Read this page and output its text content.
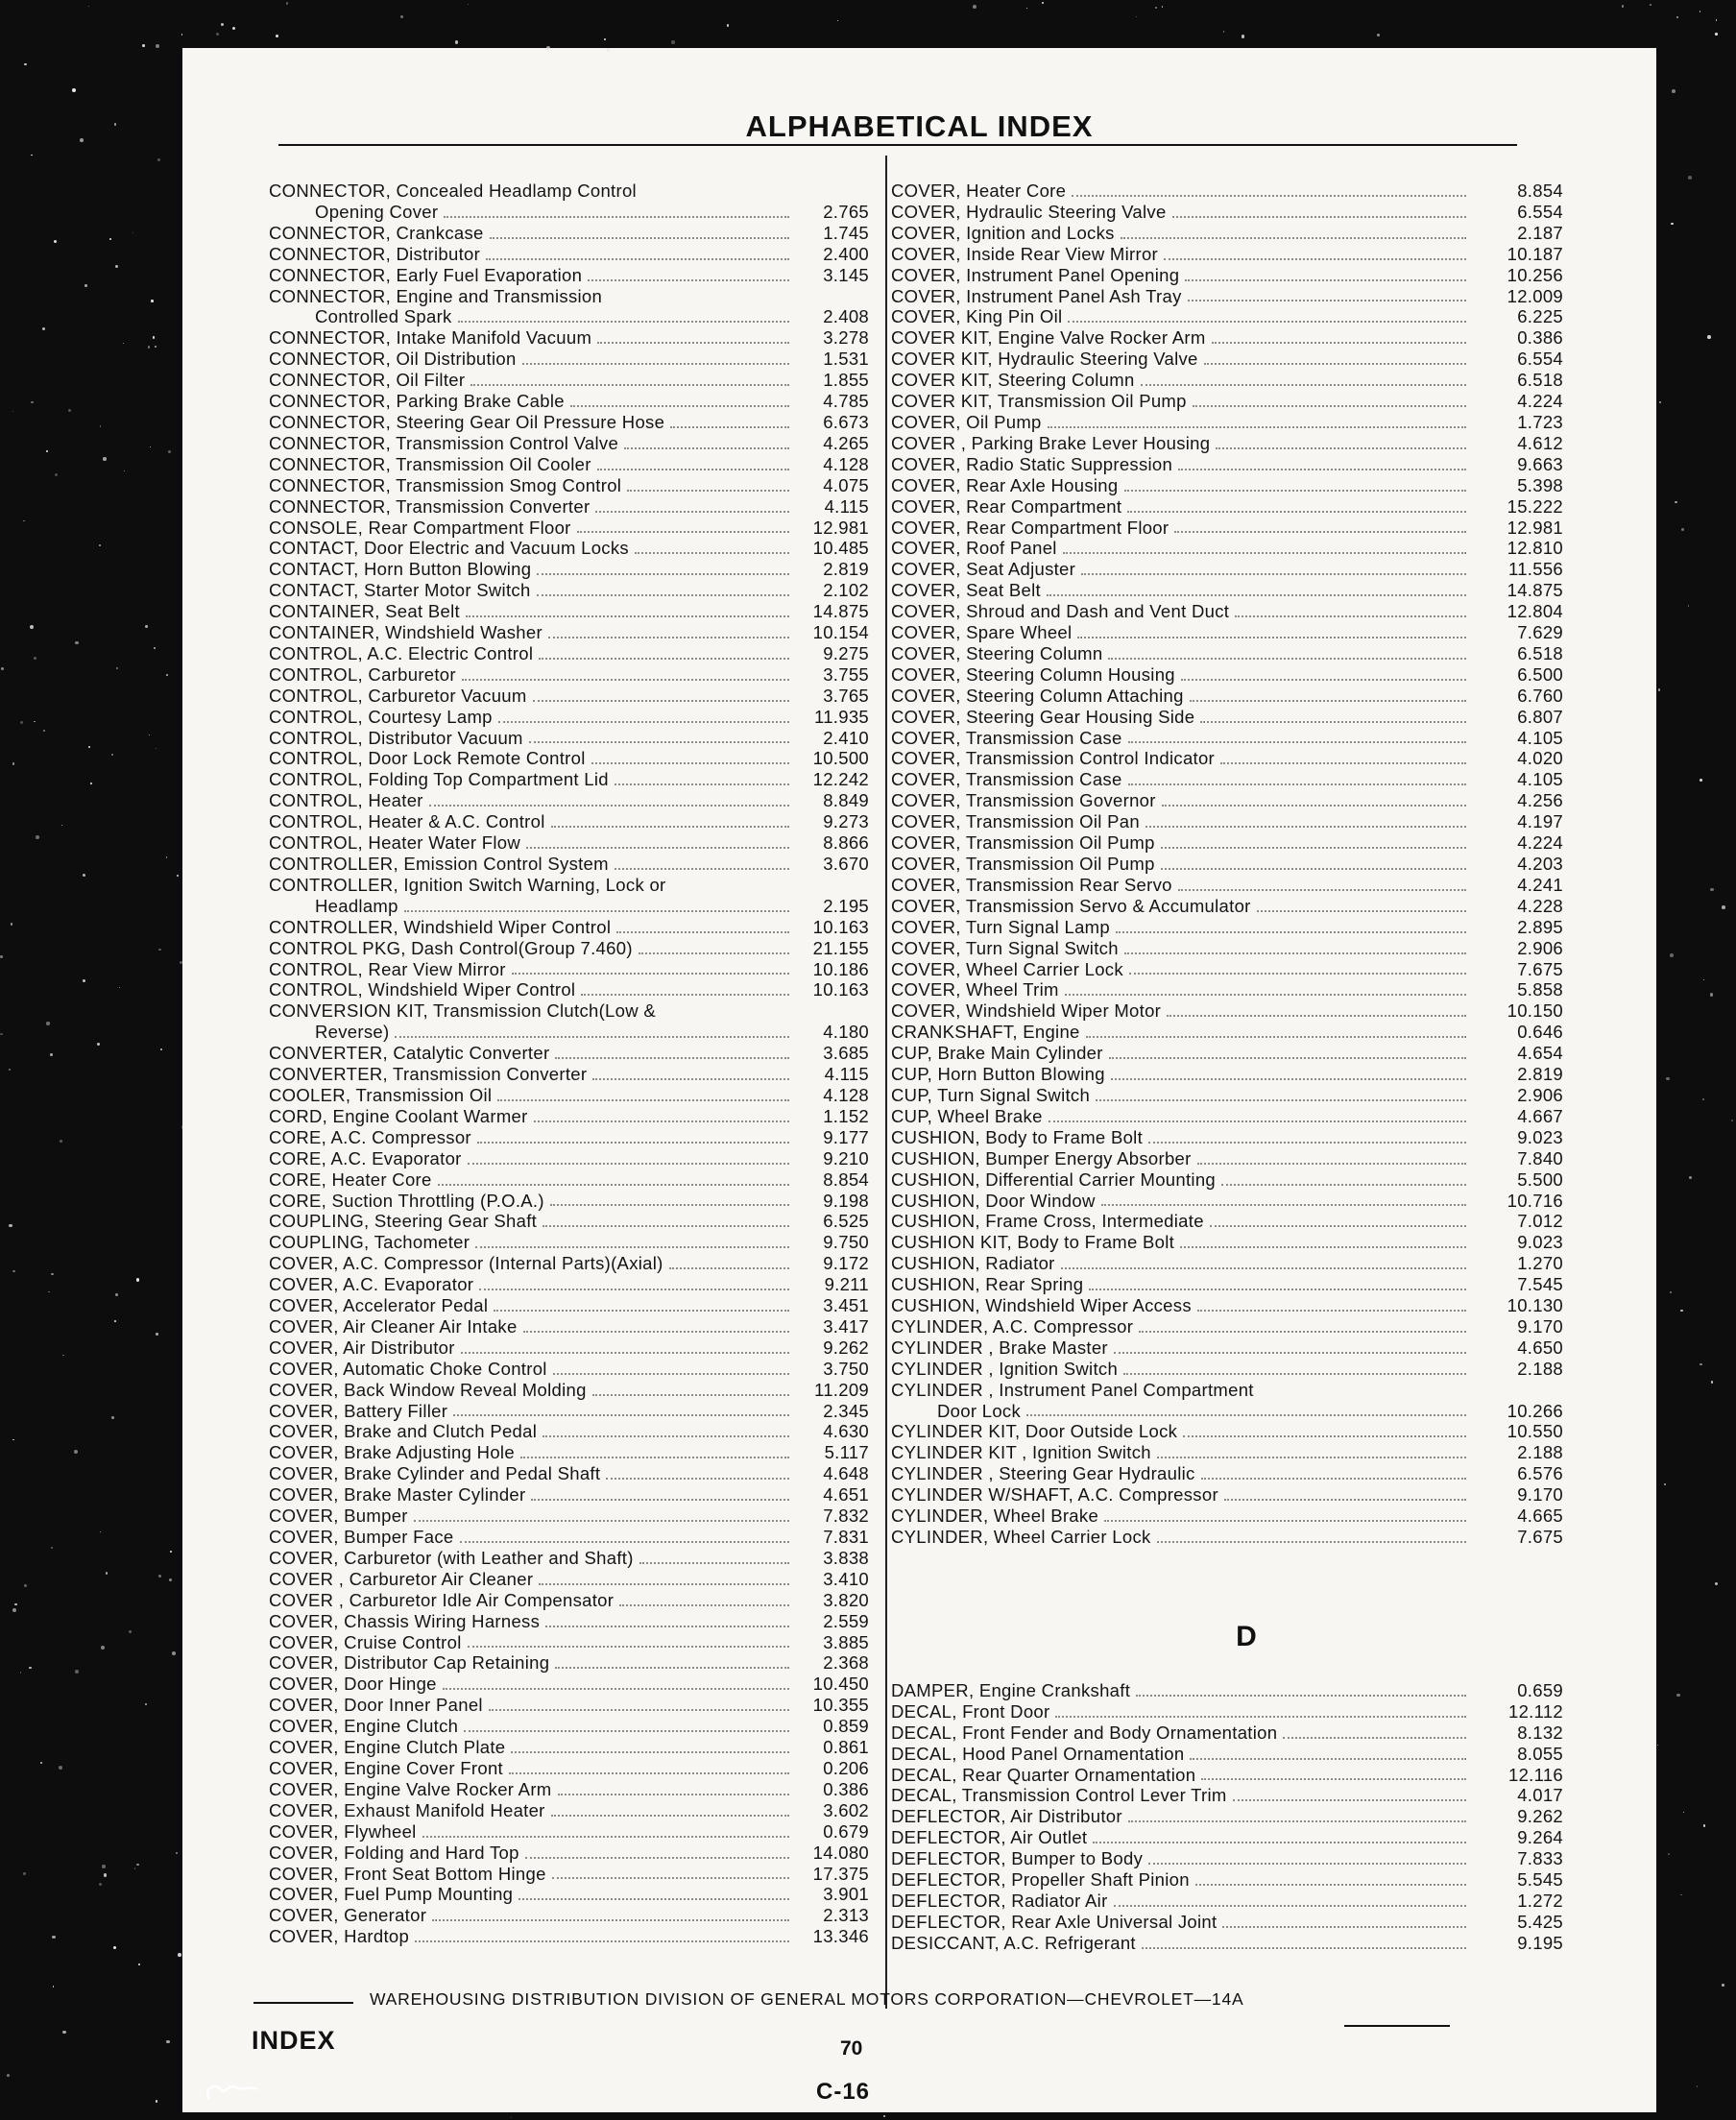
ALPHABETICAL INDEX
CONNECTOR, Concealed Headlamp Control
Opening Cover	2.765
CONNECTOR, Crankcase	1.745
CONNECTOR, Distributor	2.400
CONNECTOR, Early Fuel Evaporation	3.145
CONNECTOR, Engine and Transmission
Controlled Spark	2.408
CONNECTOR, Intake Manifold Vacuum	3.278
CONNECTOR, Oil Distribution	1.531
CONNECTOR, Oil Filter	1.855
CONNECTOR, Parking Brake Cable	4.785
CONNECTOR, Steering Gear Oil Pressure Hose	6.673
CONNECTOR, Transmission Control Valve	4.265
CONNECTOR, Transmission Oil Cooler	4.128
CONNECTOR, Transmission Smog Control	4.075
CONNECTOR, Transmission Converter	4.115
CONSOLE, Rear Compartment Floor	12.981
CONTACT, Door Electric and Vacuum Locks	10.485
CONTACT, Horn Button Blowing	2.819
CONTACT, Starter Motor Switch	2.102
CONTAINER, Seat Belt	14.875
CONTAINER, Windshield Washer	10.154
CONTROL, A.C. Electric Control	9.275
CONTROL, Carburetor	3.755
CONTROL, Carburetor Vacuum	3.765
CONTROL, Courtesy Lamp	11.935
CONTROL, Distributor Vacuum	2.410
CONTROL, Door Lock Remote Control	10.500
CONTROL, Folding Top Compartment Lid	12.242
CONTROL, Heater	8.849
CONTROL, Heater & A.C. Control	9.273
CONTROL, Heater Water Flow	8.866
CONTROLLER, Emission Control System	3.670
CONTROLLER, Ignition Switch Warning, Lock or
Headlamp	2.195
CONTROLLER, Windshield Wiper Control	10.163
CONTROL PKG, Dash Control(Group 7.460)	21.155
CONTROL, Rear View Mirror	10.186
CONTROL, Windshield Wiper Control	10.163
CONVERSION KIT, Transmission Clutch(Low &
Reverse)	4.180
CONVERTER, Catalytic Converter	3.685
CONVERTER, Transmission Converter	4.115
COOLER, Transmission Oil	4.128
CORD, Engine Coolant Warmer	1.152
CORE, A.C. Compressor	9.177
CORE, A.C. Evaporator	9.210
CORE, Heater Core	8.854
CORE, Suction Throttling (P.O.A.)	9.198
COUPLING, Steering Gear Shaft	6.525
COUPLING, Tachometer	9.750
COVER, A.C. Compressor (Internal Parts)(Axial)	9.172
COVER, A.C. Evaporator	9.211
COVER, Accelerator Pedal	3.451
COVER, Air Cleaner Air Intake	3.417
COVER, Air Distributor	9.262
COVER, Automatic Choke Control	3.750
COVER, Back Window Reveal Molding	11.209
COVER, Battery Filler	2.345
COVER, Brake and Clutch Pedal	4.630
COVER, Brake Adjusting Hole	5.117
COVER, Brake Cylinder and Pedal Shaft	4.648
COVER, Brake Master Cylinder	4.651
COVER, Bumper	7.832
COVER, Bumper Face	7.831
COVER, Carburetor (with Leather and Shaft)	3.838
COVER , Carburetor Air Cleaner	3.410
COVER , Carburetor Idle Air Compensator	3.820
COVER, Chassis Wiring Harness	2.559
COVER, Cruise Control	3.885
COVER, Distributor Cap Retaining	2.368
COVER, Door Hinge	10.450
COVER, Door Inner Panel	10.355
COVER, Engine Clutch	0.859
COVER, Engine Clutch Plate	0.861
COVER, Engine Cover Front	0.206
COVER, Engine Valve Rocker Arm	0.386
COVER, Exhaust Manifold Heater	3.602
COVER, Flywheel	0.679
COVER, Folding and Hard Top	14.080
COVER, Front Seat Bottom Hinge	17.375
COVER, Fuel Pump Mounting	3.901
COVER, Generator	2.313
COVER, Hardtop	13.346
COVER, Heater Core	8.854
COVER, Hydraulic Steering Valve	6.554
COVER, Ignition and Locks	2.187
COVER, Inside Rear View Mirror	10.187
COVER, Instrument Panel Opening	10.256
COVER, Instrument Panel Ash Tray	12.009
COVER, King Pin Oil	6.225
COVER KIT, Engine Valve Rocker Arm	0.386
COVER KIT, Hydraulic Steering Valve	6.554
COVER KIT, Steering Column	6.518
COVER KIT, Transmission Oil Pump	4.224
COVER, Oil Pump	1.723
COVER , Parking Brake Lever Housing	4.612
COVER, Radio Static Suppression	9.663
COVER, Rear Axle Housing	5.398
COVER, Rear Compartment	15.222
COVER, Rear Compartment Floor	12.981
COVER, Roof Panel	12.810
COVER, Seat Adjuster	11.556
COVER, Seat Belt	14.875
COVER, Shroud and Dash and Vent Duct	12.804
COVER, Spare Wheel	7.629
COVER, Steering Column	6.518
COVER, Steering Column Housing	6.500
COVER, Steering Column Attaching	6.760
COVER, Steering Gear Housing Side	6.807
COVER, Transmission Case	4.105
COVER, Transmission Control Indicator	4.020
COVER, Transmission Case	4.105
COVER, Transmission Governor	4.256
COVER, Transmission Oil Pan	4.197
COVER, Transmission Oil Pump	4.224
COVER, Transmission Oil Pump	4.203
COVER, Transmission Rear Servo	4.241
COVER, Transmission Servo & Accumulator	4.228
COVER, Turn Signal Lamp	2.895
COVER, Turn Signal Switch	2.906
COVER, Wheel Carrier Lock	7.675
COVER, Wheel Trim	5.858
COVER, Windshield Wiper Motor	10.150
CRANKSHAFT, Engine	0.646
CUP, Brake Main Cylinder	4.654
CUP, Horn Button Blowing	2.819
CUP, Turn Signal Switch	2.906
CUP, Wheel Brake	4.667
CUSHION, Body to Frame Bolt	9.023
CUSHION, Bumper Energy Absorber	7.840
CUSHION, Differential Carrier Mounting	5.500
CUSHION, Door Window	10.716
CUSHION, Frame Cross, Intermediate	7.012
CUSHION KIT, Body to Frame Bolt	9.023
CUSHION, Radiator	1.270
CUSHION, Rear Spring	7.545
CUSHION, Windshield Wiper Access	10.130
CYLINDER, A.C. Compressor	9.170
CYLINDER , Brake Master	4.650
CYLINDER , Ignition Switch	2.188
CYLINDER , Instrument Panel Compartment
Door Lock	10.266
CYLINDER KIT, Door Outside Lock	10.550
CYLINDER KIT , Ignition Switch	2.188
CYLINDER , Steering Gear Hydraulic	6.576
CYLINDER W/SHAFT, A.C. Compressor	9.170
CYLINDER, Wheel Brake	4.665
CYLINDER, Wheel Carrier Lock	7.675
D
DAMPER, Engine Crankshaft	0.659
DECAL, Front Door	12.112
DECAL, Front Fender and Body Ornamentation	8.132
DECAL, Hood Panel Ornamentation	8.055
DECAL, Rear Quarter Ornamentation	12.116
DECAL, Transmission Control Lever Trim	4.017
DEFLECTOR, Air Distributor	9.262
DEFLECTOR, Air Outlet	9.264
DEFLECTOR, Bumper to Body	7.833
DEFLECTOR, Propeller Shaft Pinion	5.545
DEFLECTOR, Radiator Air	1.272
DEFLECTOR, Rear Axle Universal Joint	5.425
DESICCANT, A.C. Refrigerant	9.195
WAREHOUSING DISTRIBUTION DIVISION OF GENERAL MOTORS CORPORATION—CHEVROLET—14A
INDEX	70
C-16
